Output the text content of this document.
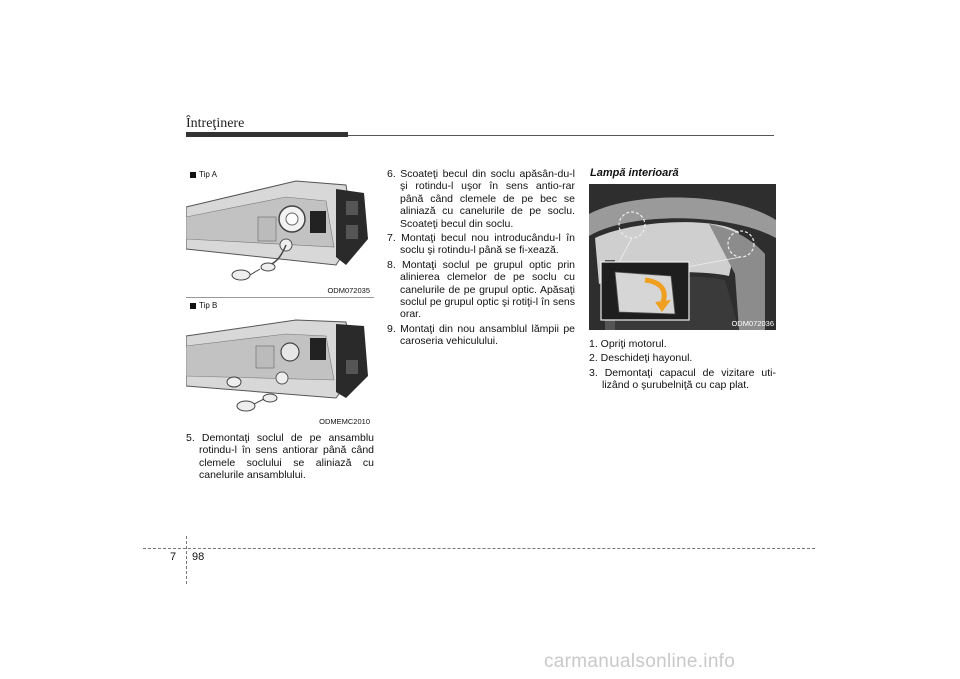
Întreţinere
Tip A
ODM072035
Tip B
ODMEMC2010

5. Demontaţi soclul de pe ansamblu rotindu-l în sens antiorar până când clemele soclului se aliniază cu canelurile ansamblului.

6. Scoateţi becul din soclu apăsân-du-l şi rotindu-l uşor în sens antio-rar până când clemele de pe bec se aliniază cu canelurile de pe soclu. Scoateţi becul din soclu.

7. Montaţi becul nou introducându-l în soclu şi rotindu-l până se fi-xează.

8. Montaţi soclul pe grupul optic prin alinierea clemelor de pe soclu cu canelurile de pe grupul optic. Apăsaţi soclul pe grupul optic şi rotiţi-l în sens orar.

9. Montaţi din nou ansamblul lămpii pe caroseria vehiculului.

Lampă interioară
ODM072036

1. Opriţi motorul.

2. Deschideţi hayonul.

3. Demontaţi capacul de vizitare uti-lizând o şurubelniţă cu cap plat.

7 98
carmanualsonline.info
